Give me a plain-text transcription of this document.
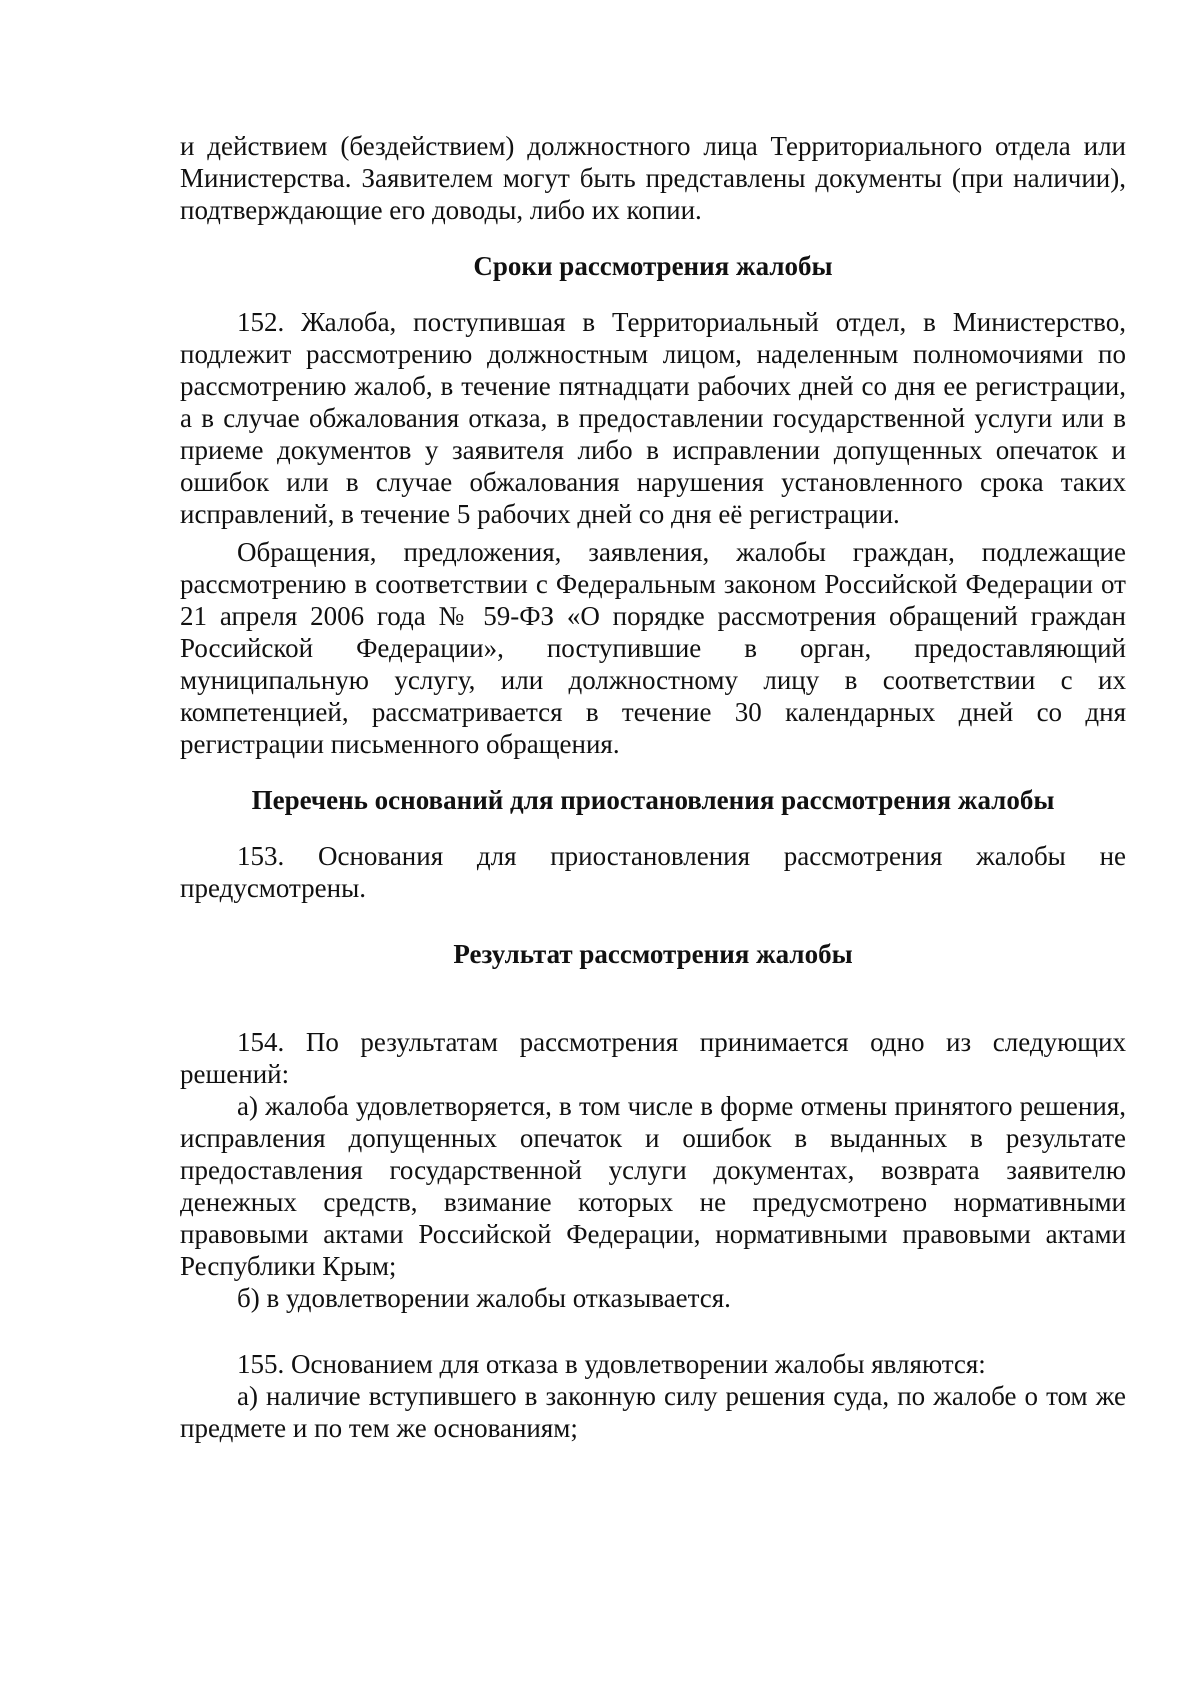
и действием (бездействием) должностного лица Территориального отдела или Министерства. Заявителем могут быть представлены документы (при наличии), подтверждающие его доводы, либо их копии.

Сроки рассмотрения жалобы

152. Жалоба, поступившая в Территориальный отдел, в Министерство, подлежит рассмотрению должностным лицом, наделенным полномочиями по рассмотрению жалоб, в течение пятнадцати рабочих дней со дня ее регистрации, а в случае обжалования отказа, в предоставлении государственной услуги или в приеме документов у заявителя либо в исправлении допущенных опечаток и ошибок или в случае обжалования нарушения установленного срока таких исправлений, в течение 5 рабочих дней со дня её регистрации.

Обращения, предложения, заявления, жалобы граждан, подлежащие рассмотрению в соответствии с Федеральным законом Российской Федерации от 21 апреля 2006 года № 59-ФЗ «О порядке рассмотрения обращений граждан Российской Федерации», поступившие в орган, предоставляющий муниципальную услугу, или должностному лицу в соответствии с их компетенцией, рассматривается в течение 30 календарных дней со дня регистрации письменного обращения.

Перечень оснований для приостановления рассмотрения жалобы

153. Основания для приостановления рассмотрения жалобы не предусмотрены.

Результат рассмотрения жалобы

154. По результатам рассмотрения принимается одно из следующих решений:

а) жалоба удовлетворяется, в том числе в форме отмены принятого решения, исправления допущенных опечаток и ошибок в выданных в результате предоставления государственной услуги документах, возврата заявителю денежных средств, взимание которых не предусмотрено нормативными правовыми актами Российской Федерации, нормативными правовыми актами Республики Крым;

б) в удовлетворении жалобы отказывается.

155. Основанием для отказа в удовлетворении жалобы являются:

а) наличие вступившего в законную силу решения суда, по жалобе о том же предмете и по тем же основаниям;
